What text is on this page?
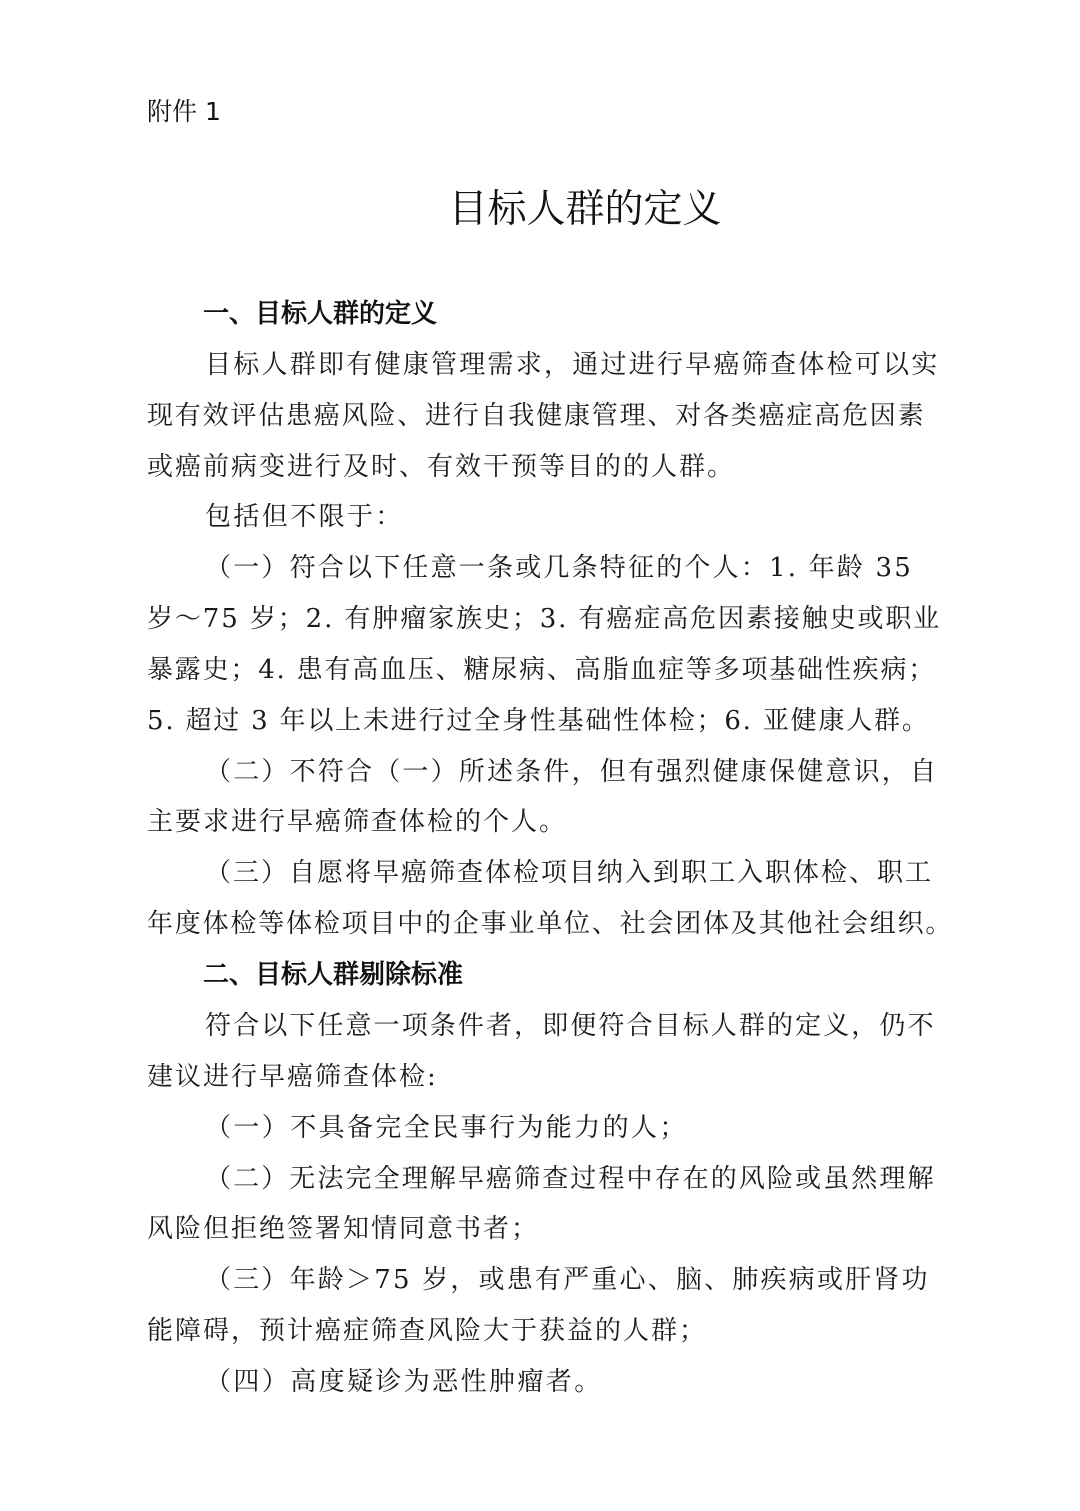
附件 1
目标人群的定义
一、目标人群的定义
目标人群即有健康管理需求，通过进行早癌筛查体检可以实
现有效评估患癌风险、进行自我健康管理、对各类癌症高危因素
或癌前病变进行及时、有效干预等目的的人群。
包括但不限于：
（一）符合以下任意一条或几条特征的个人：1. 年龄 35
岁～75 岁；2. 有肿瘤家族史；3. 有癌症高危因素接触史或职业
暴露史；4. 患有高血压、糖尿病、高脂血症等多项基础性疾病；
5. 超过 3 年以上未进行过全身性基础性体检；6. 亚健康人群。
（二）不符合（一）所述条件，但有强烈健康保健意识，自
主要求进行早癌筛查体检的个人。
（三）自愿将早癌筛查体检项目纳入到职工入职体检、职工
年度体检等体检项目中的企事业单位、社会团体及其他社会组织。
二、目标人群剔除标准
符合以下任意一项条件者，即便符合目标人群的定义，仍不
建议进行早癌筛查体检:
（一）不具备完全民事行为能力的人；
（二）无法完全理解早癌筛查过程中存在的风险或虽然理解
风险但拒绝签署知情同意书者；
（三）年龄＞75 岁，或患有严重心、脑、肺疾病或肝肾功
能障碍，预计癌症筛查风险大于获益的人群；
（四）高度疑诊为恶性肿瘤者。
